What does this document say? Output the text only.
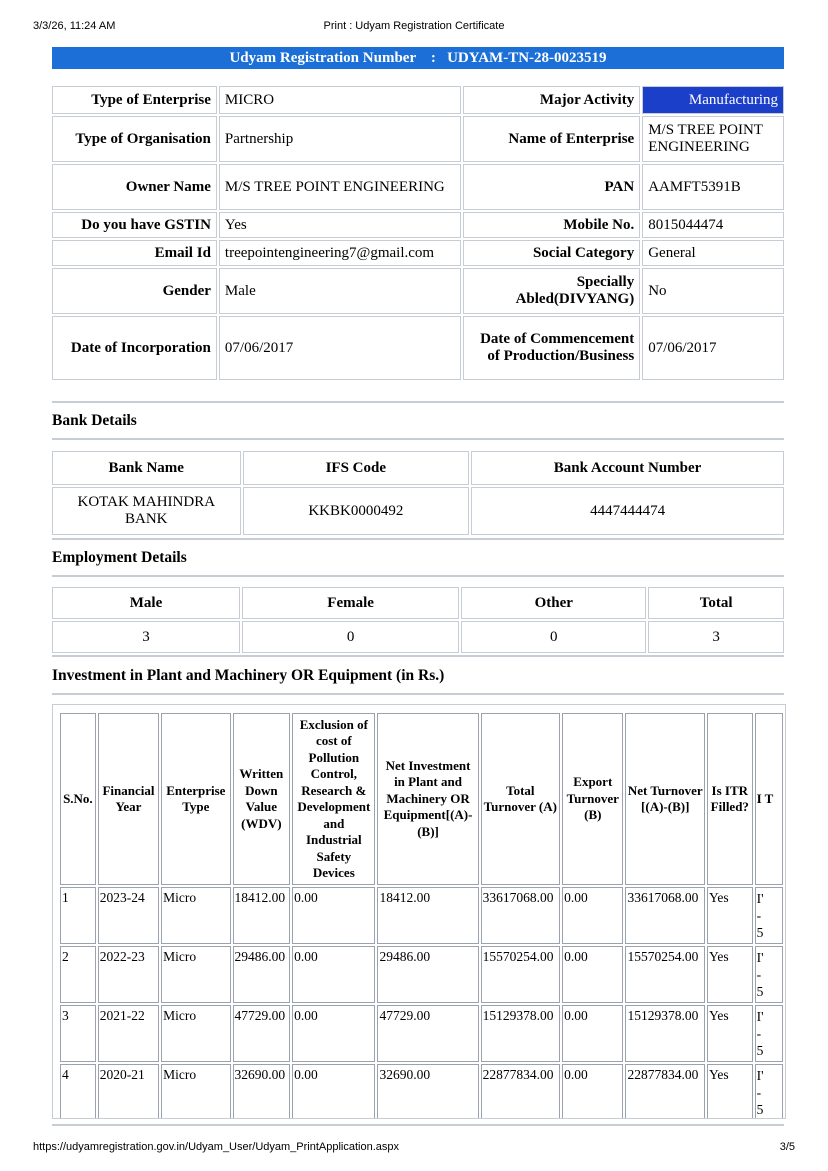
3/3/26, 11:24 AM	Print : Udyam Registration Certificate
Udyam Registration Number : UDYAM-TN-28-0023519
Type of Enterprise	MICRO	Major Activity	Manufacturing
Type of Organisation	Partnership	Name of Enterprise	M/S TREE POINT ENGINEERING
Owner Name	M/S TREE POINT ENGINEERING	PAN	AAMFT5391B
Do you have GSTIN	Yes	Mobile No.	8015044474
Email Id	treepointengineering7@gmail.com	Social Category	General
Gender	Male	Specially Abled(DIVYANG)	No
Date of Incorporation	07/06/2017	Date of Commencement of Production/Business	07/06/2017
Bank Details
Bank Name	IFS Code	Bank Account Number
KOTAK MAHINDRA BANK	KKBK0000492	4447444474
Employment Details
Male	Female	Other	Total
3	0	0	3
Investment in Plant and Machinery OR Equipment (in Rs.)
S.No.	Financial Year	Enterprise Type	Written Down Value (WDV)	Exclusion of cost of Pollution Control, Research & Development and Industrial Safety Devices	Net Investment in Plant and Machinery OR Equipment[(A)-(B)]	Total Turnover (A)	Export Turnover (B)	Net Turnover [(A)-(B)]	Is ITR Filled?	I T
1	2023-24	Micro	18412.00	0.00	18412.00	33617068.00	0.00	33617068.00	Yes	I'
-
5
2	2022-23	Micro	29486.00	0.00	29486.00	15570254.00	0.00	15570254.00	Yes	I'
-
5
3	2021-22	Micro	47729.00	0.00	47729.00	15129378.00	0.00	15129378.00	Yes	I'
-
5
4	2020-21	Micro	32690.00	0.00	32690.00	22877834.00	0.00	22877834.00	Yes	I'
-
5
https://udyamregistration.gov.in/Udyam_User/Udyam_PrintApplication.aspx	3/5
